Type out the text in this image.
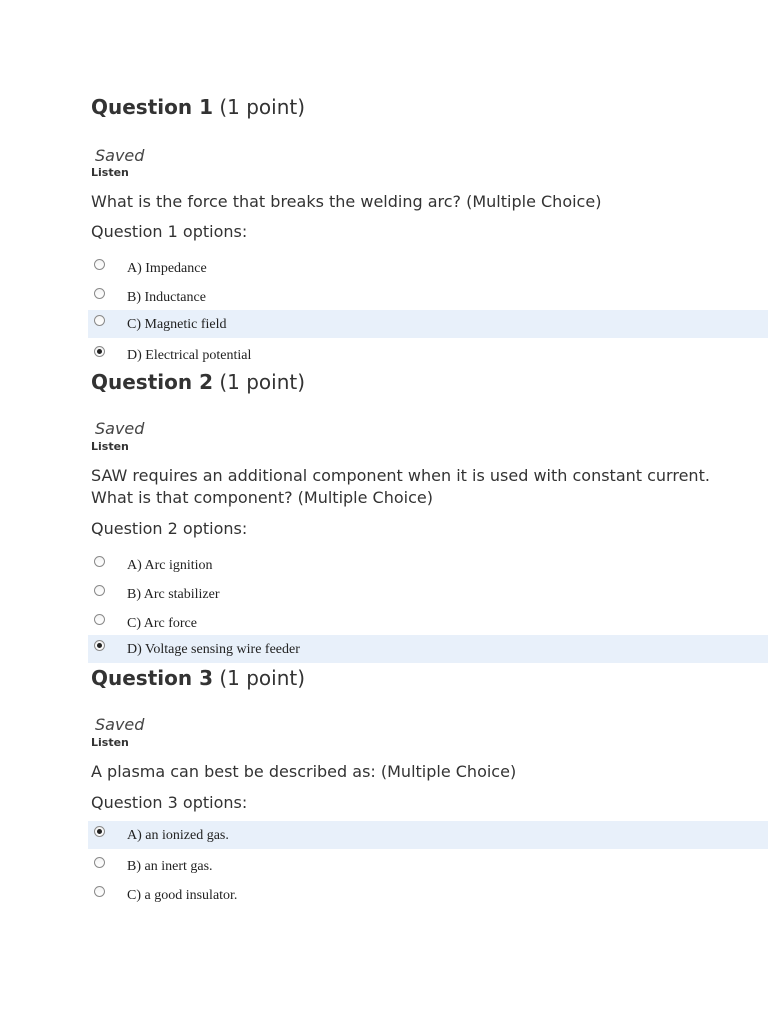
Question 1 (1 point)
Saved
Listen

What is the force that breaks the welding arc? (Multiple Choice)

Question 1 options:
A) Impedance
B) Inductance
C) Magnetic field
D) Electrical potential
Question 2 (1 point)
Saved
Listen

SAW requires an additional component when it is used with constant current. What is that component? (Multiple Choice)

Question 2 options:
A) Arc ignition
B) Arc stabilizer
C) Arc force
D) Voltage sensing wire feeder
Question 3 (1 point)
Saved
Listen

A plasma can best be described as: (Multiple Choice)

Question 3 options:
A) an ionized gas.
B) an inert gas.
C) a good insulator.
